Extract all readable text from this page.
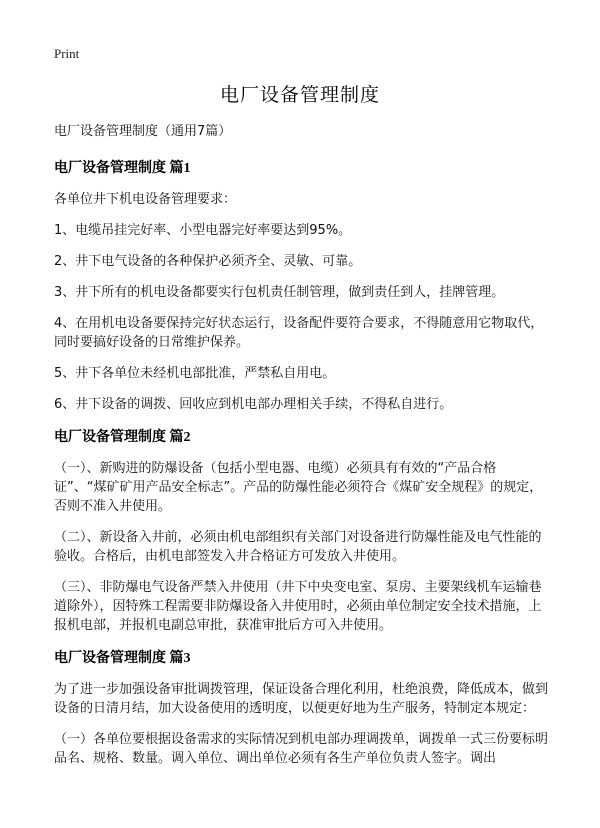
Print
电厂设备管理制度

电厂设备管理制度（通用7篇）

电厂设备管理制度 篇1

各单位井下机电设备管理要求：

1、电缆吊挂完好率、小型电器完好率要达到95%。

2、井下电气设备的各种保护必须齐全、灵敏、可靠。

3、井下所有的机电设备都要实行包机责任制管理，做到责任到人，挂牌管理。

4、在用机电设备要保持完好状态运行，设备配件要符合要求，不得随意用它物取代，同时要搞好设备的日常维护保养。

5、井下各单位未经机电部批准，严禁私自用电。

6、井下设备的调拨、回收应到机电部办理相关手续，不得私自进行。

电厂设备管理制度 篇2

（一）、新购进的防爆设备（包括小型电器、电缆）必须具有有效的“产品合格证”、“煤矿矿用产品安全标志”。产品的防爆性能必须符合《煤矿安全规程》的规定，否则不准入井使用。

（二）、新设备入井前，必须由机电部组织有关部门对设备进行防爆性能及电气性能的验收。合格后，由机电部签发入井合格证方可发放入井使用。

（三）、非防爆电气设备严禁入井使用（井下中央变电室、泵房、主要架线机车运输巷道除外），因特殊工程需要非防爆设备入井使用时，必须由单位制定安全技术措施，上报机电部，并报机电副总审批，获准审批后方可入井使用。

电厂设备管理制度 篇3

为了进一步加强设备审批调拨管理，保证设备合理化利用，杜绝浪费，降低成本，做到设备的日清月结，加大设备使用的透明度，以便更好地为生产服务，特制定本规定：

（一）各单位要根据设备需求的实际情况到机电部办理调拨单，调拨单一式三份要标明品名、规格、数量。调入单位、调出单位必须有各生产单位负责人签字。调出
